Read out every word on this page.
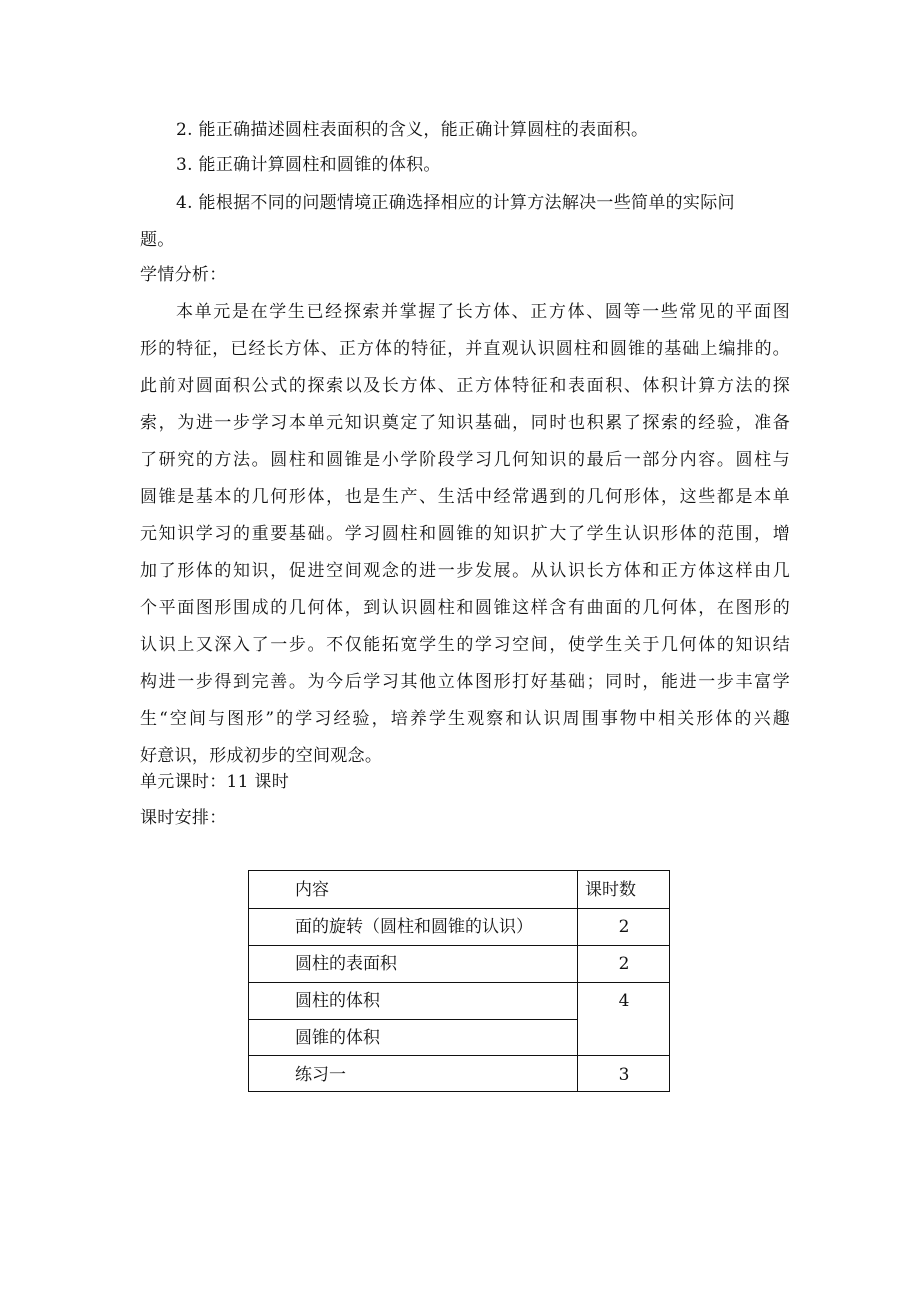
2. 能正确描述圆柱表面积的含义，能正确计算圆柱的表面积。
3. 能正确计算圆柱和圆锥的体积。
4. 能根据不同的问题情境正确选择相应的计算方法解决一些简单的实际问
题。
学情分析：
本单元是在学生已经探索并掌握了长方体、正方体、圆等一些常见的平面图
形的特征，已经长方体、正方体的特征，并直观认识圆柱和圆锥的基础上编排的。
此前对圆面积公式的探索以及长方体、正方体特征和表面积、体积计算方法的探
索，为进一步学习本单元知识奠定了知识基础，同时也积累了探索的经验，准备
了研究的方法。圆柱和圆锥是小学阶段学习几何知识的最后一部分内容。圆柱与
圆锥是基本的几何形体，也是生产、生活中经常遇到的几何形体，这些都是本单
元知识学习的重要基础。学习圆柱和圆锥的知识扩大了学生认识形体的范围，增
加了形体的知识，促进空间观念的进一步发展。从认识长方体和正方体这样由几
个平面图形围成的几何体，到认识圆柱和圆锥这样含有曲面的几何体，在图形的
认识上又深入了一步。不仅能拓宽学生的学习空间，使学生关于几何体的知识结
构进一步得到完善。为今后学习其他立体图形打好基础；同时，能进一步丰富学
生“空间与图形”的学习经验，培养学生观察和认识周围事物中相关形体的兴趣
好意识，形成初步的空间观念。
单元课时：11 课时
课时安排：
内容	课时数
面的旋转（圆柱和圆锥的认识）	2
圆柱的表面积	2
圆柱的体积	4
圆锥的体积
练习一	3
